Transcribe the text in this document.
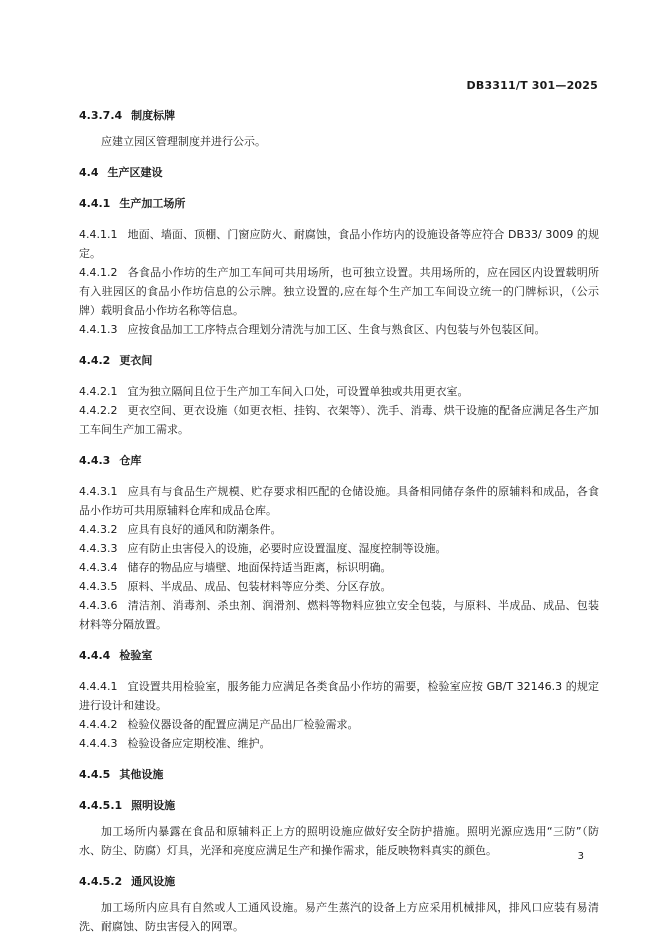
DB3311/T 301—2025

4.3.7.4 制度标牌

应建立园区管理制度并进行公示。

4.4 生产区建设

4.4.1 生产加工场所

4.4.1.1 地面、墙面、顶棚、门窗应防火、耐腐蚀，食品小作坊内的设施设备等应符合 DB33/ 3009 的规定。

4.4.1.2 各食品小作坊的生产加工车间可共用场所，也可独立设置。共用场所的，应在园区内设置载明所有入驻园区的食品小作坊信息的公示牌。独立设置的,应在每个生产加工车间设立统一的门牌标识，（公示牌）载明食品小作坊名称等信息。

4.4.1.3 应按食品加工工序特点合理划分清洗与加工区、生食与熟食区、内包装与外包装区间。

4.4.2 更衣间

4.4.2.1 宜为独立隔间且位于生产加工车间入口处，可设置单独或共用更衣室。

4.4.2.2 更衣空间、更衣设施（如更衣柜、挂钩、衣架等）、洗手、消毒、烘干设施的配备应满足各生产加工车间生产加工需求。

4.4.3 仓库

4.4.3.1 应具有与食品生产规模、贮存要求相匹配的仓储设施。具备相同储存条件的原辅料和成品，各食品小作坊可共用原辅料仓库和成品仓库。

4.4.3.2 应具有良好的通风和防潮条件。

4.4.3.3 应有防止虫害侵入的设施，必要时应设置温度、湿度控制等设施。

4.4.3.4 储存的物品应与墙壁、地面保持适当距离，标识明确。

4.4.3.5 原料、半成品、成品、包装材料等应分类、分区存放。

4.4.3.6 清洁剂、消毒剂、杀虫剂、润滑剂、燃料等物料应独立安全包装，与原料、半成品、成品、包装材料等分隔放置。

4.4.4 检验室

4.4.4.1 宜设置共用检验室，服务能力应满足各类食品小作坊的需要，检验室应按 GB/T 32146.3 的规定进行设计和建设。

4.4.4.2 检验仪器设备的配置应满足产品出厂检验需求。

4.4.4.3 检验设备应定期校准、维护。

4.4.5 其他设施

4.4.5.1 照明设施

加工场所内暴露在食品和原辅料正上方的照明设施应做好安全防护措施。照明光源应选用“三防”（防水、防尘、防腐）灯具，光泽和亮度应满足生产和操作需求，能反映物料真实的颜色。

4.4.5.2 通风设施

加工场所内应具有自然或人工通风设施。易产生蒸汽的设备上方应采用机械排风，排风口应装有易清洗、耐腐蚀、防虫害侵入的网罩。

3
